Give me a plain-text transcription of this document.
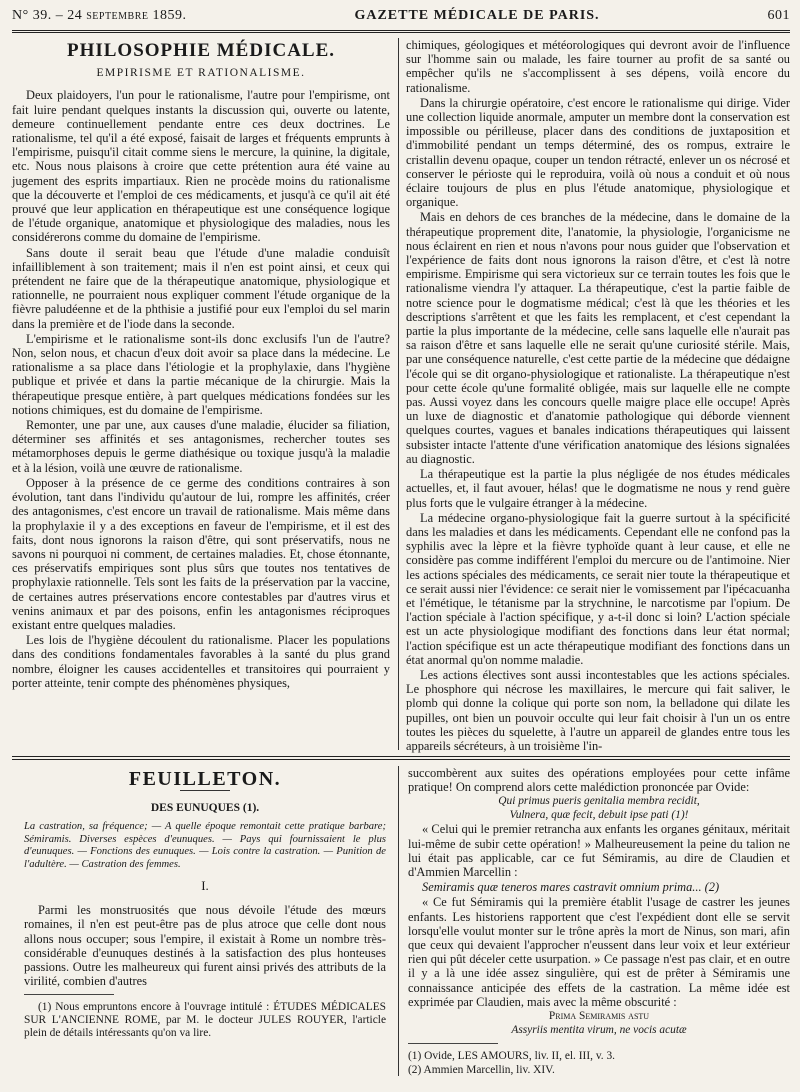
N° 39. – 24 septembre 1859.	GAZETTE MÉDICALE DE PARIS.	601
PHILOSOPHIE MÉDICALE.
EMPIRISME ET RATIONALISME.

Deux plaidoyers, l'un pour le rationalisme, l'autre pour l'empirisme, ont fait luire pendant quelques instants la discussion qui, ouverte ou latente, demeure continuellement pendante entre ces deux doctrines. Le rationalisme, tel qu'il a été exposé, faisait de larges et fréquents emprunts à l'empirisme, puisqu'il citait comme siens le mercure, la quinine, la digitale, etc. Nous nous plaisons à croire que cette prétention aura été vaine au jugement des esprits impartiaux. Rien ne procède moins du rationalisme que la découverte et l'emploi de ces médicaments, et jusqu'à ce qu'il ait été prouvé que leur application en thérapeutique est une conséquence logique de l'étude organique, anatomique et physiologique des maladies, nous les considérerons comme du domaine de l'empirisme.

Sans doute il serait beau que l'étude d'une maladie conduisît infailliblement à son traitement; mais il n'en est point ainsi, et ceux qui prétendent ne faire que de la thérapeutique anatomique, physiologique et rationnelle, ne pourraient nous expliquer comment l'étude organique de la fièvre paludéenne et de la phthisie a justifié pour eux l'emploi du sel marin dans la première et de l'iode dans la seconde.

L'empirisme et le rationalisme sont-ils donc exclusifs l'un de l'autre? Non, selon nous, et chacun d'eux doit avoir sa place dans la médecine. Le rationalisme a sa place dans l'étiologie et la prophylaxie, dans l'hygiène publique et privée et dans la partie mécanique de la chirurgie. Mais la thérapeutique presque entière, à part quelques médications fondées sur les notions chimiques, est du domaine de l'empirisme.

Remonter, une par une, aux causes d'une maladie, élucider sa filiation, déterminer ses affinités et ses antagonismes, rechercher toutes ses métamorphoses depuis le germe diathésique ou toxique jusqu'à la maladie et à la lésion, voilà une œuvre de rationalisme.

Opposer à la présence de ce germe des conditions contraires à son évolution, tant dans l'individu qu'autour de lui, rompre les affinités, créer des antagonismes, c'est encore un travail de rationalisme. Mais même dans la prophylaxie il y a des exceptions en faveur de l'empirisme, et il est des faits, dont nous ignorons la raison d'être, qui sont préservatifs, nous ne savons ni pourquoi ni comment, de certaines maladies. Et, chose étonnante, ces préservatifs empiriques sont plus sûrs que toutes nos tentatives de prophylaxie rationnelle. Tels sont les faits de la préservation par la vaccine, de certaines autres préservations encore contestables par d'autres virus et venins animaux et par des poisons, enfin les antagonismes réciproques existant entre quelques maladies.

Les lois de l'hygiène découlent du rationalisme. Placer les populations dans des conditions fondamentales favorables à la santé du plus grand nombre, éloigner les causes accidentelles et transitoires qui pourraient y porter atteinte, tenir compte des phénomènes physiques,

chimiques, géologiques et météorologiques qui devront avoir de l'influence sur l'homme sain ou malade, les faire tourner au profit de sa santé ou empêcher qu'ils ne s'accomplissent à ses dépens, voilà encore du rationalisme.

Dans la chirurgie opératoire, c'est encore le rationalisme qui dirige. Vider une collection liquide anormale, amputer un membre dont la conservation est impossible ou périlleuse, placer dans des conditions de juxtaposition et d'immobilité pendant un temps déterminé, des os rompus, extraire le cristallin devenu opaque, couper un tendon rétracté, enlever un os nécrosé et conserver le périoste qui le reproduira, voilà où nous a conduit et où nous éclaire toujours de plus en plus l'étude anatomique, physiologique et organique.

Mais en dehors de ces branches de la médecine, dans le domaine de la thérapeutique proprement dite, l'anatomie, la physiologie, l'organicisme ne nous éclairent en rien et nous n'avons pour nous guider que l'observation et l'expérience de faits dont nous ignorons la raison d'être, et c'est là notre empirisme. Empirisme qui sera victorieux sur ce terrain toutes les fois que le rationalisme viendra l'y attaquer. La thérapeutique, c'est la partie faible de notre science pour le dogmatisme médical; c'est là que les théories et les descriptions s'arrêtent et que les faits les remplacent, et c'est cependant la partie la plus importante de la médecine, celle sans laquelle elle n'aurait pas sa raison d'être et sans laquelle elle ne serait qu'une curiosité stérile. Mais, par une conséquence naturelle, c'est cette partie de la médecine que dédaigne l'école qui se dit organo-physiologique et rationaliste. La thérapeutique n'est pour cette école qu'une formalité obligée, mais sur laquelle elle ne compte pas. Aussi voyez dans les concours quelle maigre place elle occupe! Après un luxe de diagnostic et d'anatomie pathologique qui déborde viennent quelques courtes, vagues et banales indications thérapeutiques qui laissent subsister intacte l'attente d'une vérification anatomique des lésions signalées au diagnostic.

La thérapeutique est la partie la plus négligée de nos études médicales actuelles, et, il faut avouer, hélas! que le dogmatisme ne nous y rend guère plus forts que le vulgaire étranger à la médecine.

La médecine organo-physiologique fait la guerre surtout à la spécificité dans les maladies et dans les médicaments. Cependant elle ne confond pas la syphilis avec la lèpre et la fièvre typhoïde quant à leur cause, et elle ne considère pas comme indifférent l'emploi du mercure ou de l'antimoine. Nier les actions spéciales des médicaments, ce serait nier toute la thérapeutique et ce serait aussi nier l'évidence: ce serait nier le vomissement par l'ipécacuanha et l'émétique, le tétanisme par la strychnine, le narcotisme par l'opium. De l'action spéciale à l'action spécifique, y a-t-il donc si loin? L'action spéciale est un acte physiologique modifiant des fonctions dans leur état normal; l'action spécifique est un acte thérapeutique modifiant des fonctions dans un état anormal qu'on nomme maladie.

Les actions électives sont aussi incontestables que les actions spéciales. Le phosphore qui nécrose les maxillaires, le mercure qui fait saliver, le plomb qui donne la colique qui porte son nom, la belladone qui dilate les pupilles, ont bien un pouvoir occulte qui leur fait choisir à l'un un os entre toutes les pièces du squelette, à l'autre un appareil de glandes entre tous les appareils sécréteurs, à un troisième l'in-

FEUILLETON.
DES EUNUQUES (1).
La castration, sa fréquence; — A quelle époque remontait cette pratique barbare; Sémiramis. Diverses espèces d'eunuques. — Pays qui fournissaient le plus d'eunuques. — Fonctions des eunuques. — Lois contre la castration. — Punition de l'adultère. — Castration des femmes.
I.

Parmi les monstruosités que nous dévoile l'étude des mœurs romaines, il n'en est peut-être pas de plus atroce que celle dont nous allons nous occuper; sous l'empire, il existait à Rome un nombre très-considérable d'eunuques destinés à la satisfaction des plus honteuses passions. Outre les malheureux qui furent ainsi privés des attributs de la virilité, combien d'autres

(1) Nous empruntons encore à l'ouvrage intitulé : ÉTUDES MÉDICALES SUR L'ANCIENNE ROME, par M. le docteur JULES ROUYER, l'article plein de détails intéressants qu'on va lire.

succombèrent aux suites des opérations employées pour cette infâme pratique! On comprend alors cette malédiction prononcée par Ovide:

Qui primus pueris genitalia membra recidit,
Vulnera, quæ fecit, debuit ipse pati (1)!

« Celui qui le premier retrancha aux enfants les organes génitaux, méritait lui-même de subir cette opération! » Malheureusement la peine du talion ne lui était pas applicable, car ce fut Sémiramis, au dire de Claudien et d'Ammien Marcellin :

Semiramis quæ teneros mares castravit omnium prima... (2)

« Ce fut Sémiramis qui la première établit l'usage de castrer les jeunes enfants. Les historiens rapportent que c'est l'expédient dont elle se servit lorsqu'elle voulut monter sur le trône après la mort de Ninus, son mari, afin que ceux qui devaient l'approcher n'eussent dans leur voix et leur extérieur rien qui pût déceler cette usurpation. » Ce passage n'est pas clair, et en outre il y a là une idée assez singulière, qui est de prêter à Sémiramis une connaissance anticipée des effets de la castration. La même idée est exprimée par Claudien, mais avec la même obscurité :

Prima Semiramis astu
Assyriis mentita virum, ne vocis acutæ

(1) Ovide, LES AMOURS, liv. II, el. III, v. 3.

(2) Ammien Marcellin, liv. XIV.
